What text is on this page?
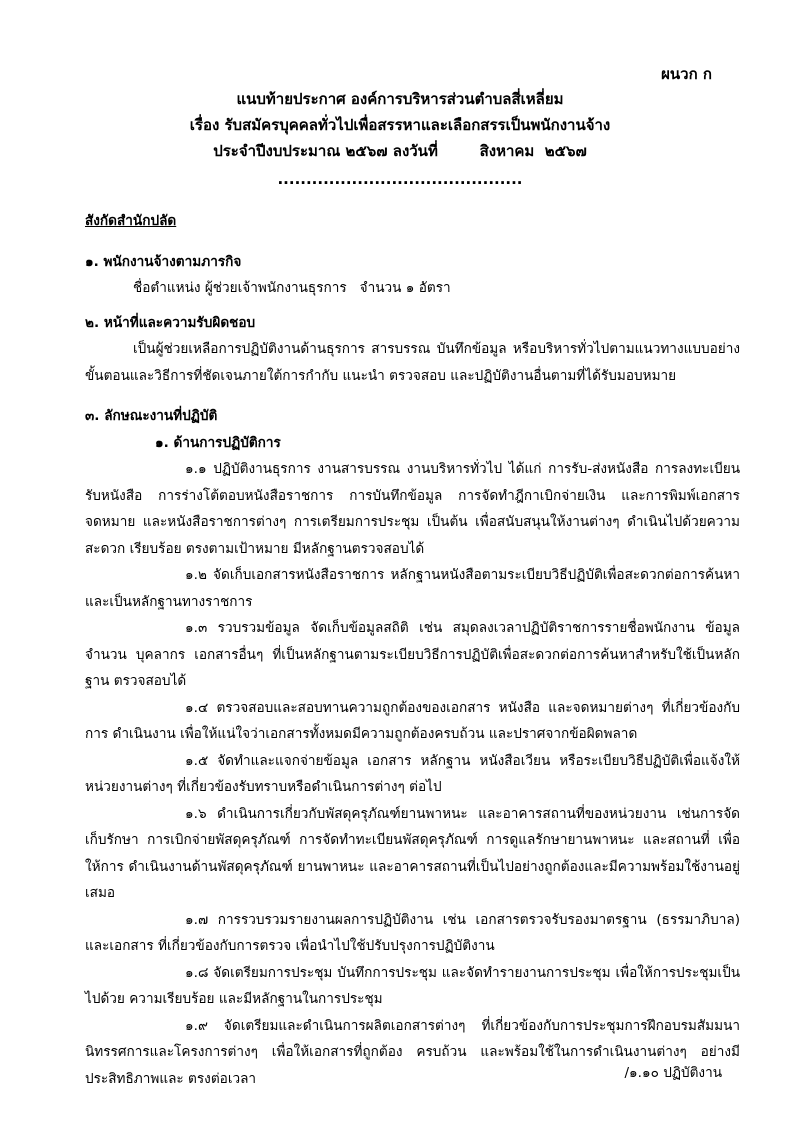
ผนวก ก
แนบท้ายประกาศ องค์การบริหารส่วนตำบลสี่เหลี่ยม
เรื่อง รับสมัครบุคคลทั่วไปเพื่อสรรหาและเลือกสรรเป็นพนักงานจ้าง
ประจำปีงบประมาณ ๒๕๖๗ ลงวันที่        สิงหาคม  ๒๕๖๗
...........................................

สังกัดสำนักปลัด

๑. พนักงานจ้างตามภารกิจ

ชื่อตำแหน่ง ผู้ช่วยเจ้าพนักงานธุรการ   จำนวน ๑ อัตรา

๒. หน้าที่และความรับผิดชอบ

เป็นผู้ช่วยเหลือการปฏิบัติงานด้านธุรการ สารบรรณ บันทึกข้อมูล หรือบริหารทั่วไปตามแนวทางแบบอย่าง ขั้นตอนและวิธีการที่ชัดเจนภายใต้การกำกับ แนะนำ ตรวจสอบ และปฏิบัติงานอื่นตามที่ได้รับมอบหมาย

๓. ลักษณะงานที่ปฏิบัติ

๑. ด้านการปฏิบัติการ

๑.๑ ปฏิบัติงานธุรการ งานสารบรรณ งานบริหารทั่วไป ได้แก่ การรับ-ส่งหนังสือ การลงทะเบียนรับหนังสือ การร่างโต้ตอบหนังสือราชการ การบันทึกข้อมูล การจัดทำฎีกาเบิกจ่ายเงิน และการพิมพ์เอกสารจดหมาย และหนังสือราชการต่างๆ การเตรียมการประชุม เป็นต้น เพื่อสนับสนุนให้งานต่างๆ ดำเนินไปด้วยความสะดวก เรียบร้อย ตรงตามเป้าหมาย มีหลักฐานตรวจสอบได้

๑.๒ จัดเก็บเอกสารหนังสือราชการ หลักฐานหนังสือตามระเบียบวิธีปฏิบัติเพื่อสะดวกต่อการค้นหา และเป็นหลักฐานทางราชการ

๑.๓ รวบรวมข้อมูล จัดเก็บข้อมูลสถิติ เช่น สมุดลงเวลาปฏิบัติราชการรายชื่อพนักงาน ข้อมูลจำนวน บุคลากร เอกสารอื่นๆ ที่เป็นหลักฐานตามระเบียบวิธีการปฏิบัติเพื่อสะดวกต่อการค้นหาสำหรับใช้เป็นหลักฐาน ตรวจสอบได้

๑.๔ ตรวจสอบและสอบทานความถูกต้องของเอกสาร หนังสือ และจดหมายต่างๆ ที่เกี่ยวข้องกับการ ดำเนินงาน เพื่อให้แน่ใจว่าเอกสารทั้งหมดมีความถูกต้องครบถ้วน และปราศจากข้อผิดพลาด

๑.๕ จัดทำและแจกจ่ายข้อมูล เอกสาร หลักฐาน หนังสือเวียน หรือระเบียบวิธีปฏิบัติเพื่อแจ้งให้หน่วยงานต่างๆ ที่เกี่ยวข้องรับทราบหรือดำเนินการต่างๆ ต่อไป

๑.๖ ดำเนินการเกี่ยวกับพัสดุครุภัณฑ์ยานพาหนะ และอาคารสถานที่ของหน่วยงาน เช่นการจัดเก็บรักษา การเบิกจ่ายพัสดุครุภัณฑ์ การจัดทำทะเบียนพัสดุครุภัณฑ์ การดูแลรักษายานพาหนะ และสถานที่ เพื่อให้การ ดำเนินงานด้านพัสดุครุภัณฑ์ ยานพาหนะ และอาคารสถานที่เป็นไปอย่างถูกต้องและมีความพร้อมใช้งานอยู่เสมอ

๑.๗ การรวบรวมรายงานผลการปฏิบัติงาน เช่น เอกสารตรวจรับรองมาตรฐาน (ธรรมาภิบาล) และเอกสาร ที่เกี่ยวข้องกับการตรวจ เพื่อนำไปใช้ปรับปรุงการปฏิบัติงาน

๑.๘ จัดเตรียมการประชุม บันทึกการประชุม และจัดทำรายงานการประชุม เพื่อให้การประชุมเป็นไปด้วย ความเรียบร้อย และมีหลักฐานในการประชุม

๑.๙ จัดเตรียมและดำเนินการผลิตเอกสารต่างๆ ที่เกี่ยวข้องกับการประชุมการฝึกอบรมสัมมนา นิทรรศการและโครงการต่างๆ เพื่อให้เอกสารที่ถูกต้อง ครบถ้วน และพร้อมใช้ในการดำเนินงานต่างๆ อย่างมีประสิทธิภาพและ ตรงต่อเวลา	/๑.๑๐ ปฏิบัติงาน
